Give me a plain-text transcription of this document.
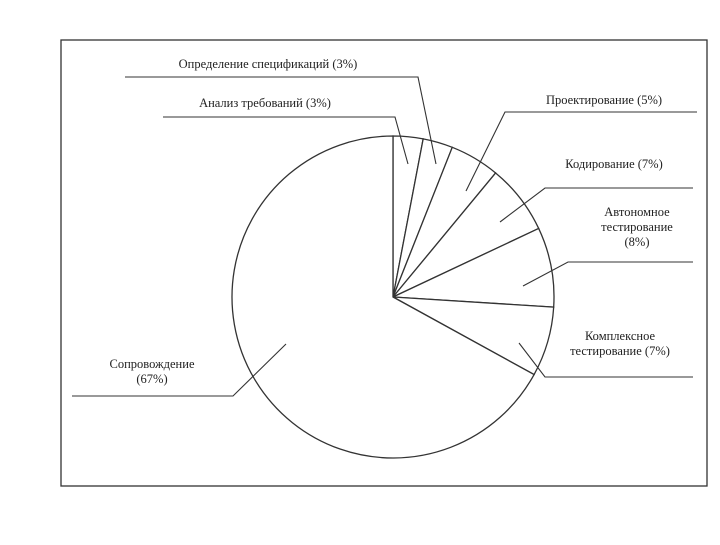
Анализ требований (3%)
Определение спецификаций (3%)
Проектирование (5%)
Кодирование (7%)
Автономное тестирование (8%)
Комплексное тестирование (7%)
Сопровождение (67%)
